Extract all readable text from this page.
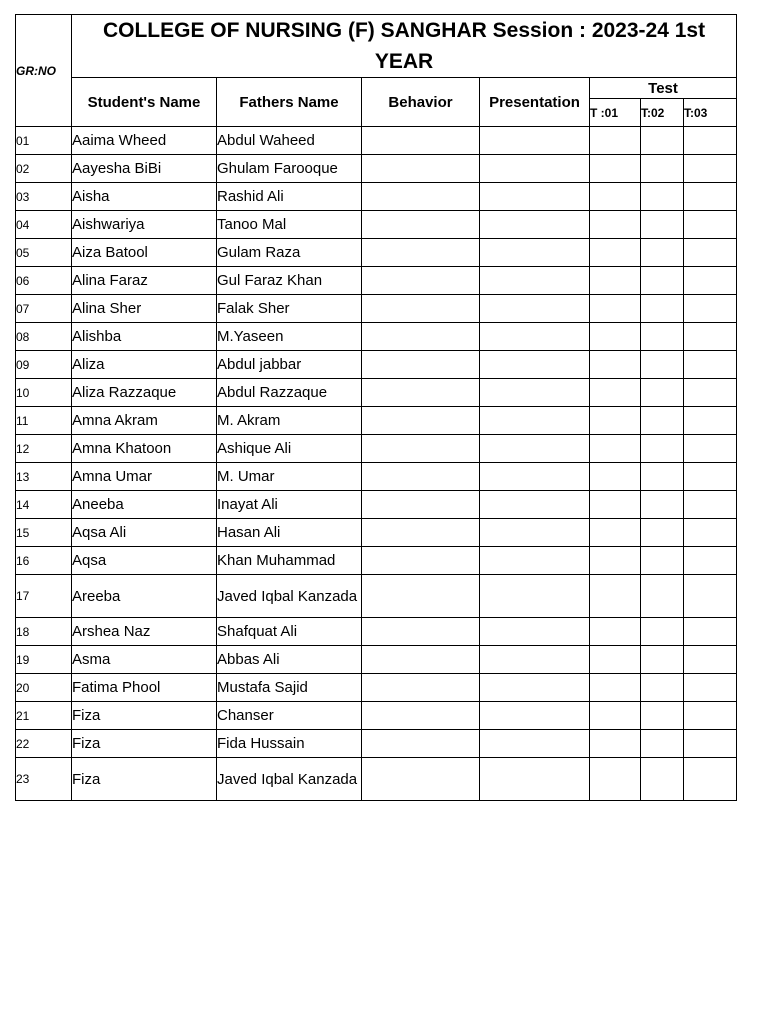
GR:NO	COLLEGE OF NURSING (F) SANGHAR Session : 2023-24 1st YEAR						
	Student's Name	Fathers Name	Behavior	Presentation	Test		
					T :01	T:02	T:03
01	Aaima Wheed	Abdul Waheed					
02	Aayesha BiBi	Ghulam Farooque					
03	Aisha	Rashid Ali					
04	Aishwariya	Tanoo Mal					
05	Aiza Batool	Gulam Raza					
06	Alina Faraz	Gul Faraz Khan					
07	Alina Sher	Falak Sher					
08	Alishba	M.Yaseen					
09	Aliza	Abdul jabbar					
10	Aliza Razzaque	Abdul Razzaque					
11	Amna Akram	M. Akram					
12	Amna Khatoon	Ashique Ali					
13	Amna Umar	M. Umar					
14	Aneeba	Inayat Ali					
15	Aqsa Ali	Hasan Ali					
16	Aqsa	Khan Muhammad					
17	Areeba	Javed Iqbal Kanzada					
18	Arshea Naz	Shafquat Ali					
19	Asma	Abbas Ali					
20	Fatima Phool	Mustafa Sajid					
21	Fiza	Chanser					
22	Fiza	Fida Hussain					
23	Fiza	Javed Iqbal Kanzada					
